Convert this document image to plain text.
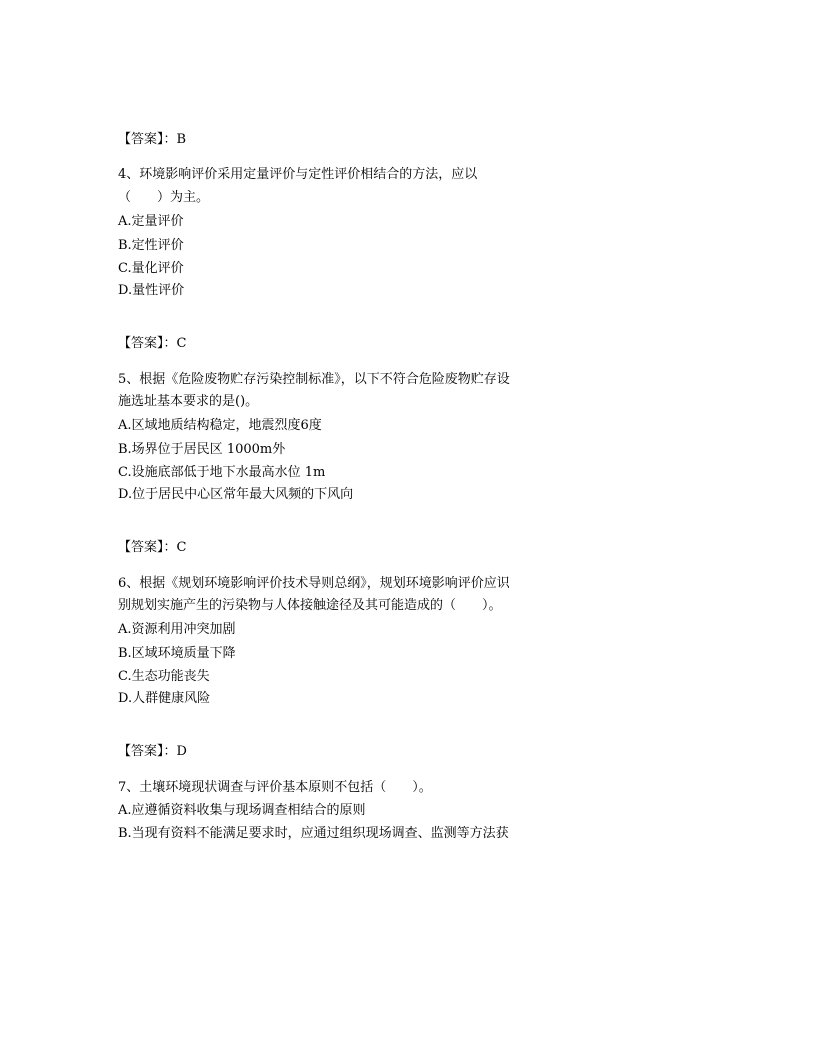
【答案】：B
4、环境影响评价采用定量评价与定性评价相结合的方法，应以
（　　）为主。
A.定量评价
B.定性评价
C.量化评价
D.量性评价
【答案】：C
5、根据《危险废物贮存污染控制标准》，以下不符合危险废物贮存设
施选址基本要求的是()。
A.区域地质结构稳定，地震烈度6度
B.场界位于居民区 1000m外
C.设施底部低于地下水最高水位 1m
D.位于居民中心区常年最大风频的下风向
【答案】：C
6、根据《规划环境影响评价技术导则总纲》，规划环境影响评价应识
别规划实施产生的污染物与人体接触途径及其可能造成的（　　）。
A.资源利用冲突加剧
B.区域环境质量下降
C.生态功能丧失
D.人群健康风险
【答案】：D
7、土壤环境现状调查与评价基本原则不包括（　　）。
A.应遵循资料收集与现场调查相结合的原则
B.当现有资料不能满足要求时，应通过组织现场调查、监测等方法获
